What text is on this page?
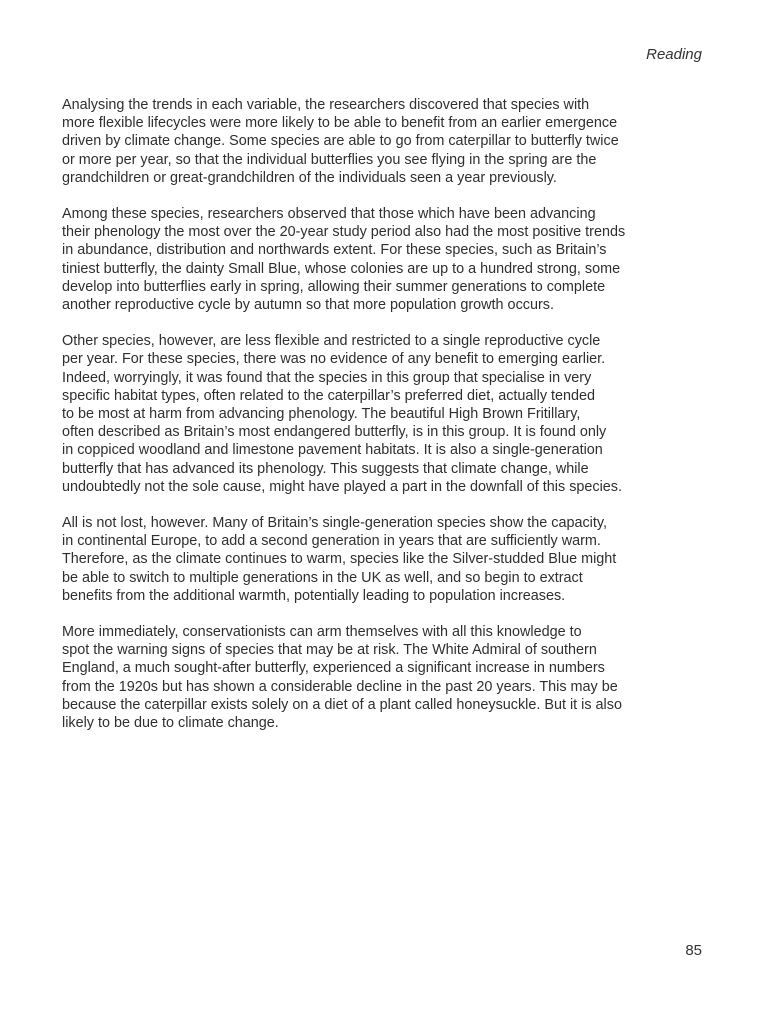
Reading
Analysing the trends in each variable, the researchers discovered that species with
more flexible lifecycles were more likely to be able to benefit from an earlier emergence
driven by climate change. Some species are able to go from caterpillar to butterfly twice
or more per year, so that the individual butterflies you see flying in the spring are the
grandchildren or great-grandchildren of the individuals seen a year previously.
Among these species, researchers observed that those which have been advancing
their phenology the most over the 20-year study period also had the most positive trends
in abundance, distribution and northwards extent. For these species, such as Britain’s
tiniest butterfly, the dainty Small Blue, whose colonies are up to a hundred strong, some
develop into butterflies early in spring, allowing their summer generations to complete
another reproductive cycle by autumn so that more population growth occurs.
Other species, however, are less flexible and restricted to a single reproductive cycle
per year. For these species, there was no evidence of any benefit to emerging earlier.
Indeed, worryingly, it was found that the species in this group that specialise in very
specific habitat types, often related to the caterpillar’s preferred diet, actually tended
to be most at harm from advancing phenology. The beautiful High Brown Fritillary,
often described as Britain’s most endangered butterfly, is in this group. It is found only
in coppiced woodland and limestone pavement habitats. It is also a single-generation
butterfly that has advanced its phenology. This suggests that climate change, while
undoubtedly not the sole cause, might have played a part in the downfall of this species.
All is not lost, however. Many of Britain’s single-generation species show the capacity,
in continental Europe, to add a second generation in years that are sufficiently warm.
Therefore, as the climate continues to warm, species like the Silver-studded Blue might
be able to switch to multiple generations in the UK as well, and so begin to extract
benefits from the additional warmth, potentially leading to population increases.
More immediately, conservationists can arm themselves with all this knowledge to
spot the warning signs of species that may be at risk. The White Admiral of southern
England, a much sought-after butterfly, experienced a significant increase in numbers
from the 1920s but has shown a considerable decline in the past 20 years. This may be
because the caterpillar exists solely on a diet of a plant called honeysuckle. But it is also
likely to be due to climate change.
85
